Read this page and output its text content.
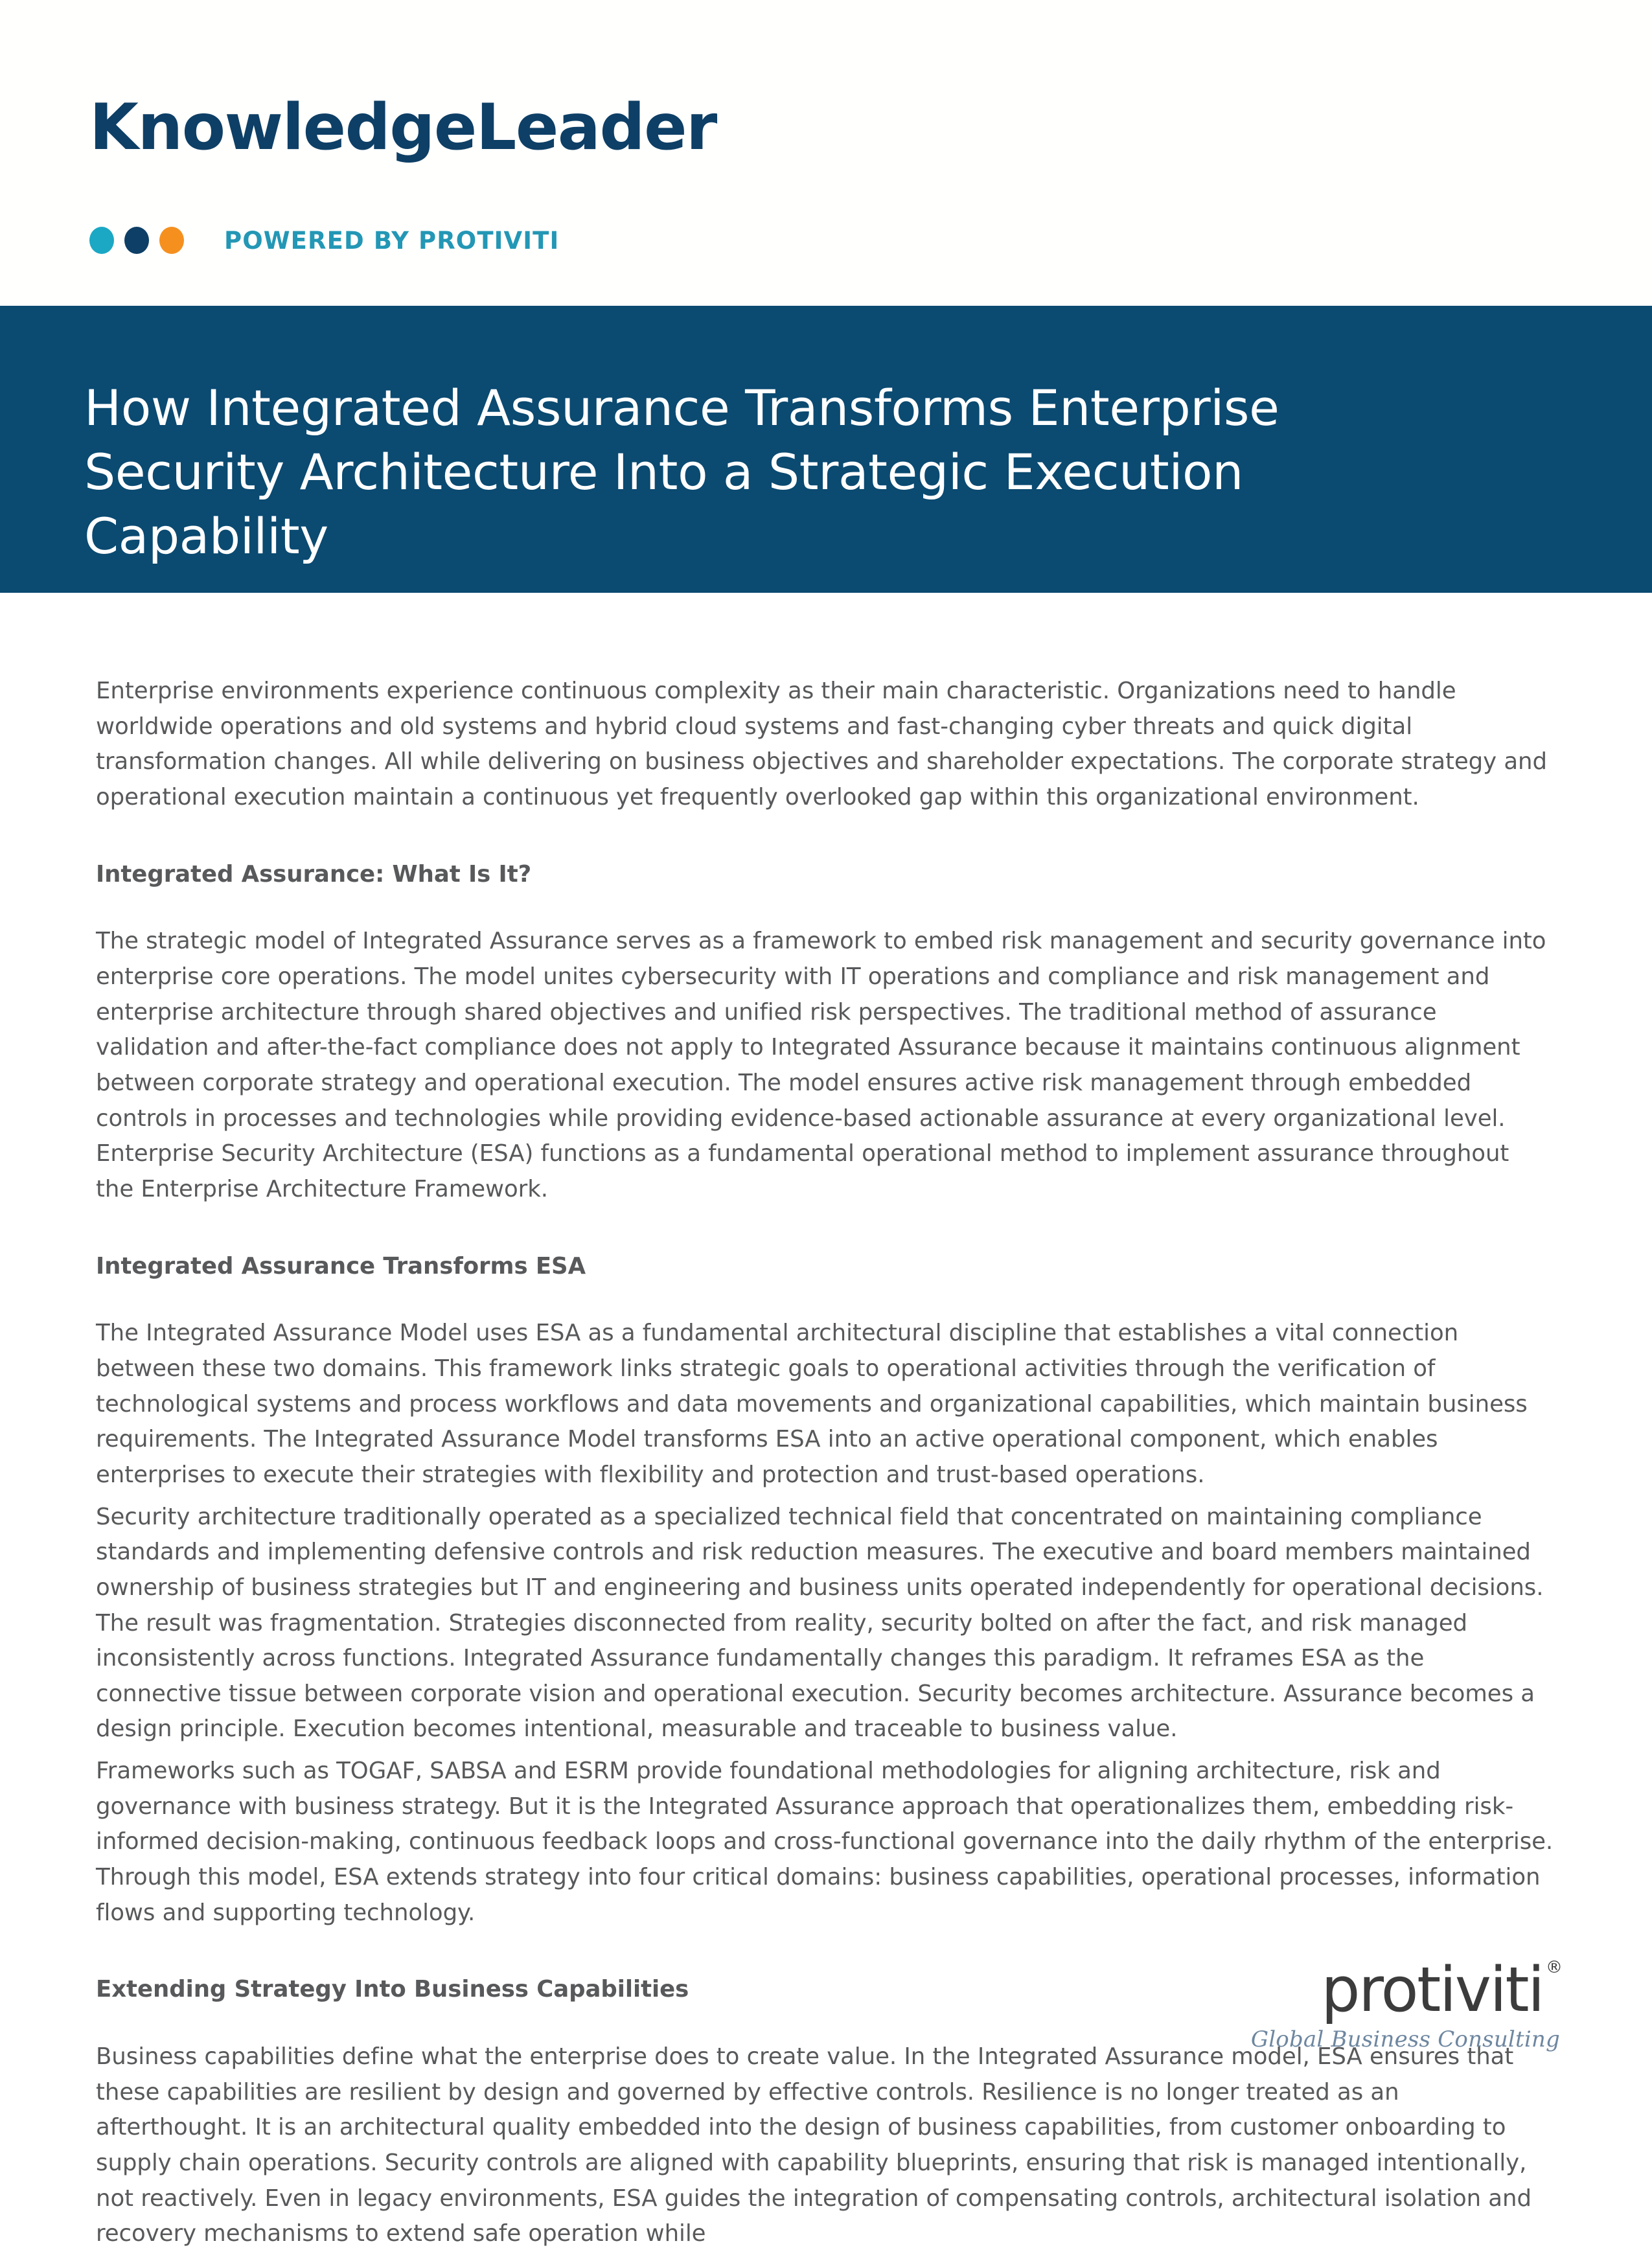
KnowledgeLeader
POWERED BY PROTIVITI
How Integrated Assurance Transforms Enterprise Security Architecture Into a Strategic Execution Capability

Enterprise environments experience continuous complexity as their main characteristic. Organizations need to handle worldwide operations and old systems and hybrid cloud systems and fast-changing cyber threats and quick digital transformation changes. All while delivering on business objectives and shareholder expectations. The corporate strategy and operational execution maintain a continuous yet frequently overlooked gap within this organizational environment.

Integrated Assurance: What Is It?

The strategic model of Integrated Assurance serves as a framework to embed risk management and security governance into enterprise core operations. The model unites cybersecurity with IT operations and compliance and risk management and enterprise architecture through shared objectives and unified risk perspectives. The traditional method of assurance validation and after-the-fact compliance does not apply to Integrated Assurance because it maintains continuous alignment between corporate strategy and operational execution. The model ensures active risk management through embedded controls in processes and technologies while providing evidence-based actionable assurance at every organizational level. Enterprise Security Architecture (ESA) functions as a fundamental operational method to implement assurance throughout the Enterprise Architecture Framework.

Integrated Assurance Transforms ESA

The Integrated Assurance Model uses ESA as a fundamental architectural discipline that establishes a vital connection between these two domains. This framework links strategic goals to operational activities through the verification of technological systems and process workflows and data movements and organizational capabilities, which maintain business requirements. The Integrated Assurance Model transforms ESA into an active operational component, which enables enterprises to execute their strategies with flexibility and protection and trust-based operations.

Security architecture traditionally operated as a specialized technical field that concentrated on maintaining compliance standards and implementing defensive controls and risk reduction measures. The executive and board members maintained ownership of business strategies but IT and engineering and business units operated independently for operational decisions. The result was fragmentation. Strategies disconnected from reality, security bolted on after the fact, and risk managed inconsistently across functions. Integrated Assurance fundamentally changes this paradigm. It reframes ESA as the connective tissue between corporate vision and operational execution. Security becomes architecture. Assurance becomes a design principle. Execution becomes intentional, measurable and traceable to business value.

Frameworks such as TOGAF, SABSA and ESRM provide foundational methodologies for aligning architecture, risk and governance with business strategy. But it is the Integrated Assurance approach that operationalizes them, embedding risk-informed decision-making, continuous feedback loops and cross-functional governance into the daily rhythm of the enterprise. Through this model, ESA extends strategy into four critical domains: business capabilities, operational processes, information flows and supporting technology.

Extending Strategy Into Business Capabilities

Business capabilities define what the enterprise does to create value. In the Integrated Assurance model, ESA ensures that these capabilities are resilient by design and governed by effective controls. Resilience is no longer treated as an afterthought. It is an architectural quality embedded into the design of business capabilities, from customer onboarding to supply chain operations. Security controls are aligned with capability blueprints, ensuring that risk is managed intentionally, not reactively. Even in legacy environments, ESA guides the integration of compensating controls, architectural isolation and recovery mechanisms to extend safe operation while

protiviti ®
Global Business Consulting
